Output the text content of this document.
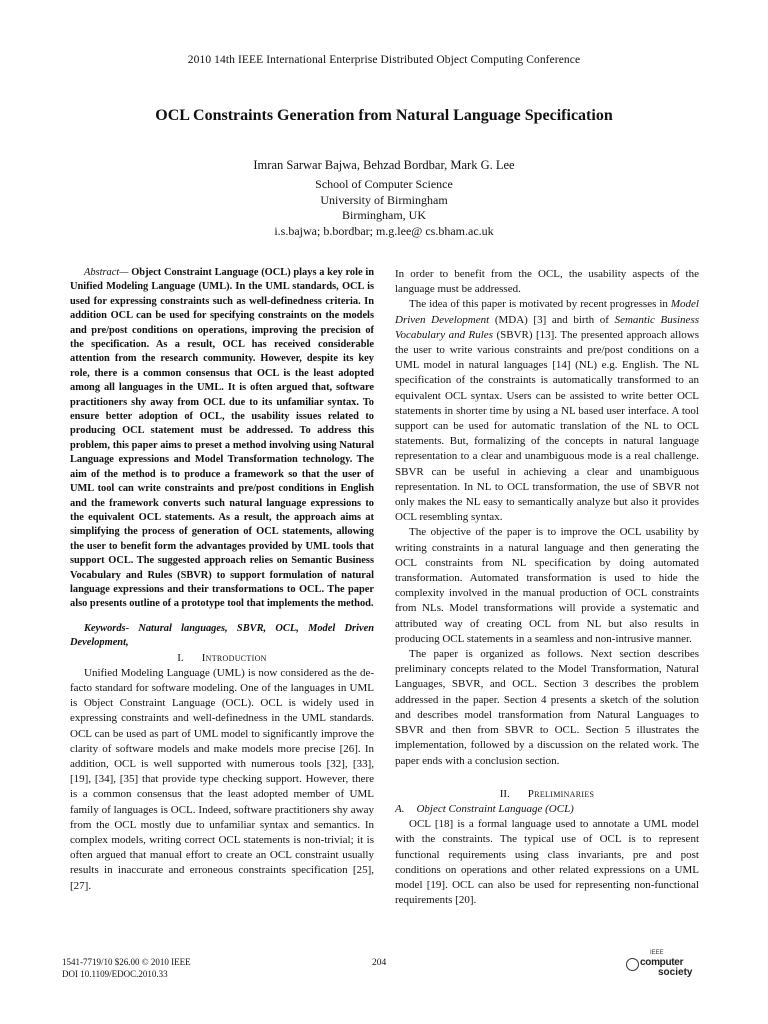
2010 14th IEEE International Enterprise Distributed Object Computing Conference
OCL Constraints Generation from Natural Language Specification
Imran Sarwar Bajwa, Behzad Bordbar, Mark G. Lee
School of Computer Science
University of Birmingham
Birmingham, UK
i.s.bajwa; b.bordbar; m.g.lee@ cs.bham.ac.uk

Abstract— Object Constraint Language (OCL) plays a key role in Unified Modeling Language (UML). In the UML standards, OCL is used for expressing constraints such as well-definedness criteria. In addition OCL can be used for specifying constraints on the models and pre/post conditions on operations, improving the precision of the specification. As a result, OCL has received considerable attention from the research community. However, despite its key role, there is a common consensus that OCL is the least adopted among all languages in the UML. It is often argued that, software practitioners shy away from OCL due to its unfamiliar syntax. To ensure better adoption of OCL, the usability issues related to producing OCL statement must be addressed. To address this problem, this paper aims to preset a method involving using Natural Language expressions and Model Transformation technology. The aim of the method is to produce a framework so that the user of UML tool can write constraints and pre/post conditions in English and the framework converts such natural language expressions to the equivalent OCL statements. As a result, the approach aims at simplifying the process of generation of OCL statements, allowing the user to benefit form the advantages provided by UML tools that support OCL. The suggested approach relies on Semantic Business Vocabulary and Rules (SBVR) to support formulation of natural language expressions and their transformations to OCL. The paper also presents outline of a prototype tool that implements the method.

Keywords- Natural languages, SBVR, OCL, Model Driven Development,

I. Introduction

Unified Modeling Language (UML) is now considered as the de-facto standard for software modeling. One of the languages in UML is Object Constraint Language (OCL). OCL is widely used in expressing constraints and well-definedness in the UML standards. OCL can be used as part of UML model to significantly improve the clarity of software models and make models more precise [26]. In addition, OCL is well supported with numerous tools [32], [33], [19], [34], [35] that provide type checking support. However, there is a common consensus that the least adopted member of UML family of languages is OCL. Indeed, software practitioners shy away from the OCL mostly due to unfamiliar syntax and semantics. In complex models, writing correct OCL statements is non-trivial; it is often argued that manual effort to create an OCL constraint usually results in inaccurate and erroneous constraints specification [25], [27].

In order to benefit from the OCL, the usability aspects of the language must be addressed.

The idea of this paper is motivated by recent progresses in Model Driven Development (MDA) [3] and birth of Semantic Business Vocabulary and Rules (SBVR) [13]. The presented approach allows the user to write various constraints and pre/post conditions on a UML model in natural languages [14] (NL) e.g. English. The NL specification of the constraints is automatically transformed to an equivalent OCL syntax. Users can be assisted to write better OCL statements in shorter time by using a NL based user interface. A tool support can be used for automatic translation of the NL to OCL statements. But, formalizing of the concepts in natural language representation to a clear and unambiguous mode is a real challenge. SBVR can be useful in achieving a clear and unambiguous representation. In NL to OCL transformation, the use of SBVR not only makes the NL easy to semantically analyze but also it provides OCL resembling syntax.

The objective of the paper is to improve the OCL usability by writing constraints in a natural language and then generating the OCL constraints from NL specification by doing automated transformation. Automated transformation is used to hide the complexity involved in the manual production of OCL constraints from NLs. Model transformations will provide a systematic and attributed way of creating OCL from NL but also results in producing OCL statements in a seamless and non-intrusive manner.

The paper is organized as follows. Next section describes preliminary concepts related to the Model Transformation, Natural Languages, SBVR, and OCL. Section 3 describes the problem addressed in the paper. Section 4 presents a sketch of the solution and describes model transformation from Natural Languages to SBVR and then from SBVR to OCL. Section 5 illustrates the implementation, followed by a discussion on the related work. The paper ends with a conclusion section.

II. Preliminaries

A. Object Constraint Language (OCL)

OCL [18] is a formal language used to annotate a UML model with the constraints. The typical use of OCL is to represent functional requirements using class invariants, pre and post conditions on operations and other related expressions on a UML model [19]. OCL can also be used for representing non-functional requirements [20].

1541-7719/10 $26.00 © 2010 IEEE
DOI 10.1109/EDOC.2010.33
204
IEEE
computer
society
